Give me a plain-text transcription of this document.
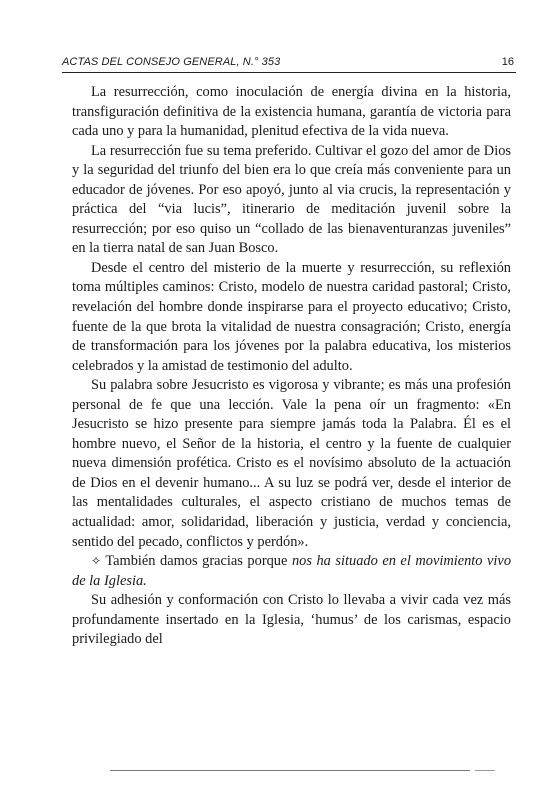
ACTAS DEL CONSEJO GENERAL, N.° 353	16

La resurrección, como inoculación de energía divina en la historia, transfiguración definitiva de la existencia humana, garantía de victoria para cada uno y para la humanidad, plenitud efectiva de la vida nueva.

La resurrección fue su tema preferido. Cultivar el gozo del amor de Dios y la seguridad del triunfo del bien era lo que creía más conveniente para un educador de jóvenes. Por eso apoyó, junto al via crucis, la representación y práctica del “via lucis”, itinerario de meditación juvenil sobre la resurrección; por eso quiso un “collado de las bienaventuranzas juveniles” en la tierra natal de san Juan Bosco.

Desde el centro del misterio de la muerte y resurrección, su reflexión toma múltiples caminos: Cristo, modelo de nuestra caridad pastoral; Cristo, revelación del hombre donde inspirarse para el proyecto educativo; Cristo, fuente de la que brota la vitalidad de nuestra consagración; Cristo, energía de transformación para los jóvenes por la palabra educativa, los misterios celebrados y la amistad de testimonio del adulto.

Su palabra sobre Jesucristo es vigorosa y vibrante; es más una profesión personal de fe que una lección. Vale la pena oír un fragmento: «En Jesucristo se hizo presente para siempre jamás toda la Palabra. Él es el hombre nuevo, el Señor de la historia, el centro y la fuente de cualquier nueva dimensión profética. Cristo es el novísimo absoluto de la actuación de Dios en el devenir humano... A su luz se podrá ver, desde el interior de las mentalidades culturales, el aspecto cristiano de muchos temas de actualidad: amor, solidaridad, liberación y justicia, verdad y conciencia, sentido del pecado, conflictos y perdón».

✧ También damos gracias porque nos ha situado en el movimiento vivo de la Iglesia.

Su adhesión y conformación con Cristo lo llevaba a vivir cada vez más profundamente insertado en la Iglesia, ‘humus’ de los carismas, espacio privilegiado del
